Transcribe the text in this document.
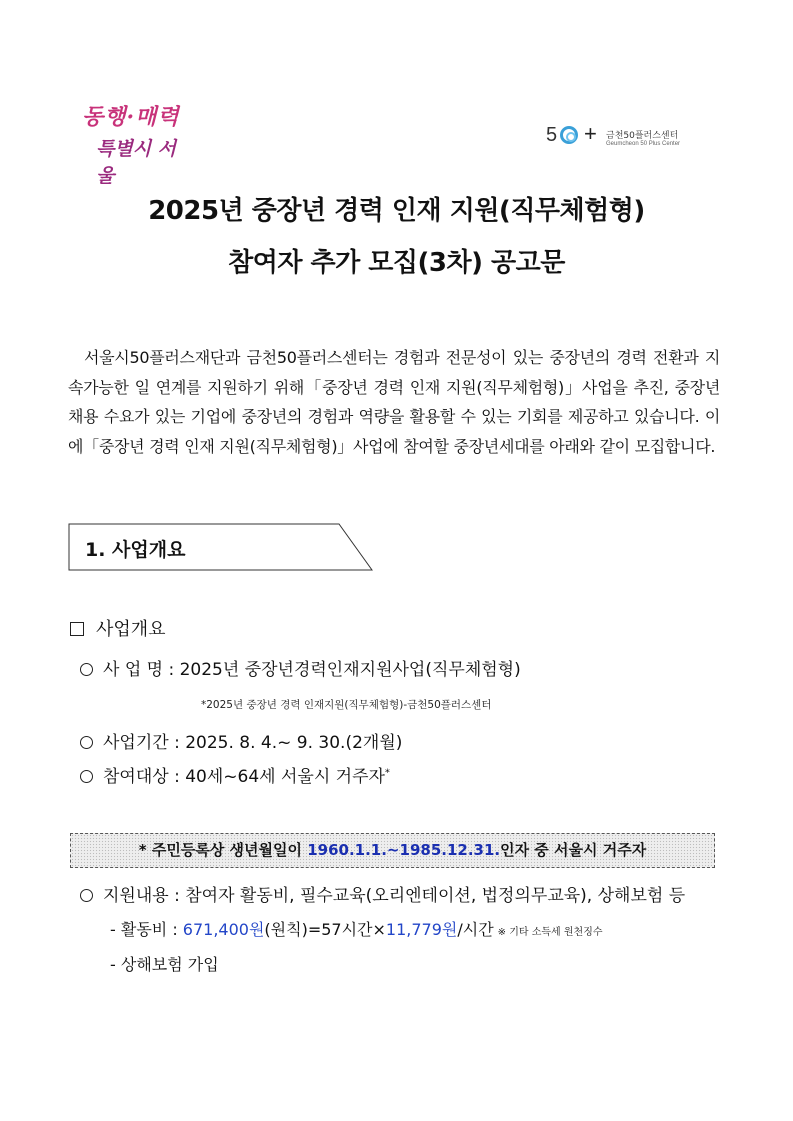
동행·매력
특별시 서울
5 + 금천50플러스센터
Geumcheon 50 Plus Center
2025년 중장년 경력 인재 지원(직무체험형)
참여자 추가 모집(3차) 공고문

서울시50플러스재단과 금천50플러스센터는 경험과 전문성이 있는 중장년의 경력 전환과 지속가능한 일 연계를 지원하기 위해「중장년 경력 인재 지원(직무체험형)」사업을 추진, 중장년 채용 수요가 있는 기업에 중장년의 경험과 역량을 활용할 수 있는 기회를 제공하고 있습니다. 이에「중장년 경력 인재 지원(직무체험형)」사업에 참여할 중장년세대를 아래와 같이 모집합니다.

1. 사업개요
사업개요
사 업 명 : 2025년 중장년경력인재지원사업(직무체험형)
*2025년 중장년 경력 인재지원(직무체험형)-금천50플러스센터
사업기간 : 2025. 8. 4.~ 9. 30.(2개월)
참여대상 : 40세~64세 서울시 거주자*
* 주민등록상 생년월일이 1960.1.1.~1985.12.31.인자 중 서울시 거주자
지원내용 : 참여자 활동비, 필수교육(오리엔테이션, 법정의무교육), 상해보험 등
- 활동비 : 671,400원(원칙)=57시간×11,779원/시간 ※ 기타 소득세 원천징수
- 상해보험 가입
